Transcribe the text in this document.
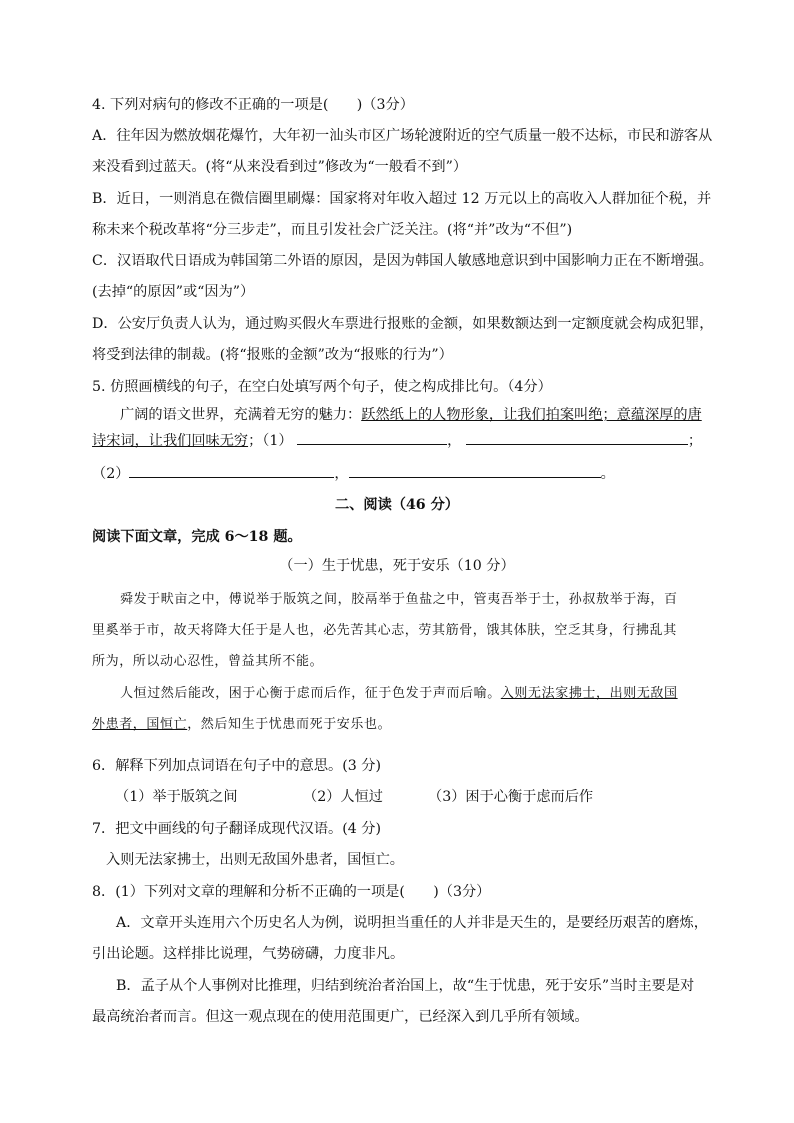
4. 下列对病句的修改不正确的一项是(　　)（3分）
A．往年因为燃放烟花爆竹，大年初一汕头市区广场轮渡附近的空气质量一般不达标，市民和游客从
来没看到过蓝天。(将“从来没看到过”修改为“一般看不到”）
B．近日，一则消息在微信圈里刷爆：国家将对年收入超过 12 万元以上的高收入人群加征个税，并
称未来个税改革将“分三步走”，而且引发社会广泛关注。(将“并”改为“不但”)
C．汉语取代日语成为韩国第二外语的原因，是因为韩国人敏感地意识到中国影响力正在不断增强。
(去掉“的原因”或“因为”）
D．公安厅负责人认为，通过购买假火车票进行报账的金额，如果数额达到一定额度就会构成犯罪，
将受到法律的制裁。(将“报账的金额”改为“报账的行为”）
5. 仿照画横线的句子，在空白处填写两个句子，使之构成排比句。（4分）
广阔的语文世界，充满着无穷的魅力：跃然纸上的人物形象，让我们拍案叫绝；意蕴深厚的唐
诗宋词，让我们回味无穷；（1）	，	；
（2）	，	。
二、阅读（46 分）
阅读下面文章，完成 6～18 题。
（一）生于忧患，死于安乐（10 分）
舜发于畎亩之中，傅说举于版筑之间，胶鬲举于鱼盐之中，管夷吾举于士，孙叔敖举于海，百
里奚举于市，故天将降大任于是人也，必先苦其心志，劳其筋骨，饿其体肤，空乏其身，行拂乱其
所为，所以动心忍性，曾益其所不能。
人恒过然后能改，困于心衡于虑而后作，征于色发于声而后喻。入则无法家拂士，出则无敌国
外患者，国恒亡，然后知生于忧患而死于安乐也。
6．解释下列加点词语在句子中的意思。(3 分)
（1）举于版筑之间	（2）人恒过	（3）困于心衡于虑而后作
7．把文中画线的句子翻译成现代汉语。(4 分)
入则无法家拂士，出则无敌国外患者，国恒亡。
8．(1）下列对文章的理解和分析不正确的一项是(　　)（3分）
A．文章开头连用六个历史名人为例，说明担当重任的人并非是天生的，是要经历艰苦的磨炼，
引出论题。这样排比说理，气势磅礴，力度非凡。
B．孟子从个人事例对比推理，归结到统治者治国上，故“生于忧患，死于安乐”当时主要是对
最高统治者而言。但这一观点现在的使用范围更广，已经深入到几乎所有领域。
